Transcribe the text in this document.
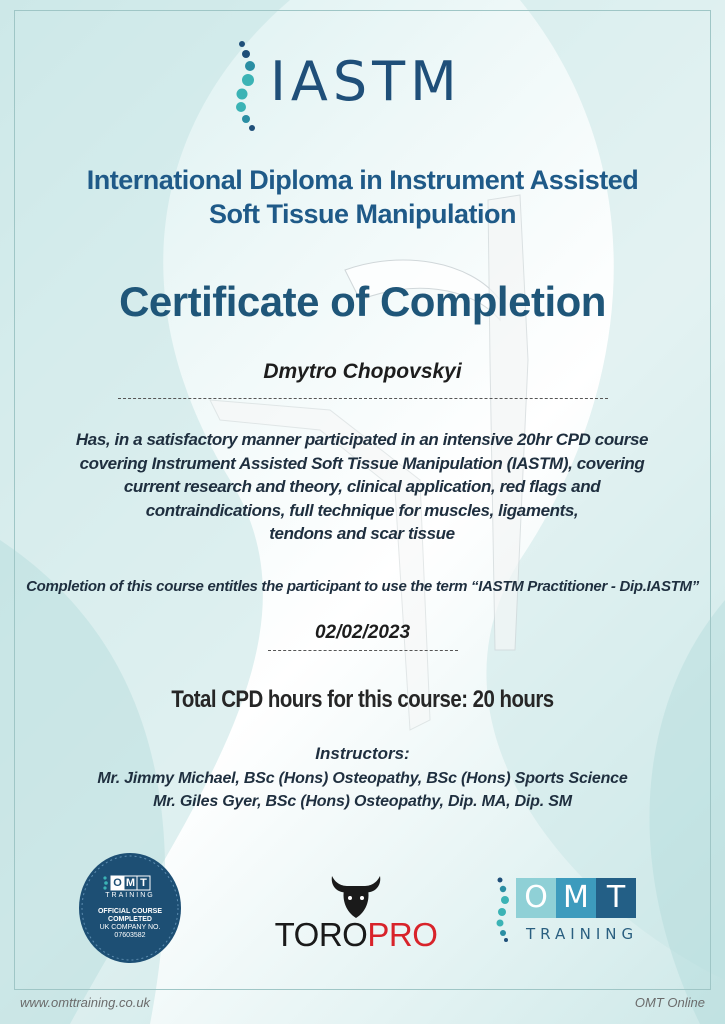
IASTM
International Diploma in Instrument Assisted
Soft Tissue Manipulation
Certificate of Completion
Dmytro Chopovskyi
Has, in a satisfactory manner participated in an intensive 20hr CPD course
covering Instrument Assisted Soft Tissue Manipulation (IASTM), covering
current research and theory, clinical application, red flags and
contraindications, full technique for muscles, ligaments,
tendons and scar tissue
Completion of this course entitles the participant to use the term “IASTM Practitioner - Dip.IASTM”
02/02/2023
Total CPD hours for this course: 20 hours
Instructors:
Mr. Jimmy Michael, BSc (Hons) Osteopathy, BSc (Hons) Sports Science
Mr. Giles Gyer, BSc (Hons) Osteopathy, Dip. MA, Dip. SM
O M T
TRAINING
OFFICIAL COURSE
COMPLETED
UK COMPANY NO.
07603582	TOROPRO
O M T
TRAINING
www.omttraining.co.uk	OMT Online
